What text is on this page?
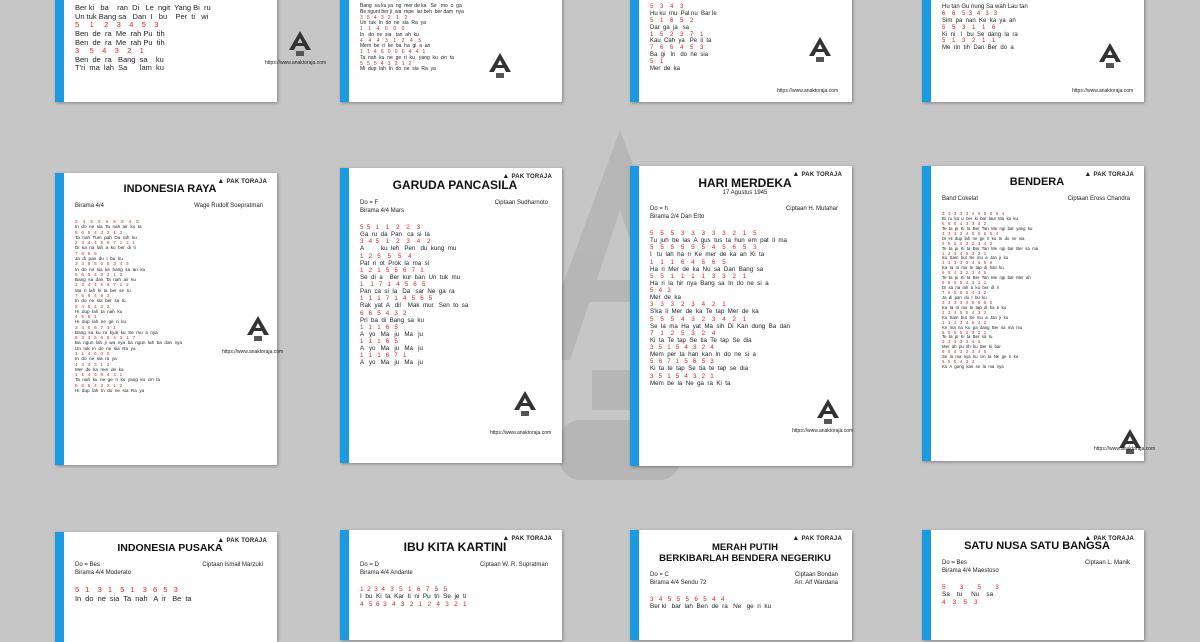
Ber ki   ba    ran  Di   Le  ngit  Yang Bi  ru
Un tuk Bang sa   Dan  I   bu    Per  ti   wi
5     1     2    3    4    5    3
Ben  de  ra  Me  rah Pu  tih
Ben  de  ra  Me  rah Pu  tih
3     5    4    3    2    1
Ben  de  ra   Bang  sa    ku
T'ri  ma  lah  Sa      lam  ku
https://www.anaktoraja.com
Bang  sa ku ya  ng  mer de ka   Se   mo  o  ga
Be rigunt ber ji  wa  mpe  lar beh  ber dam  nya
3   5   4   3   2    1    2
Un  tuk  In  do  ne  sia  Ra  ya
1    1    4    6    0    0
In   do  ne  sia   tan  ah  ku
4    4    4    3    1    2    4    5
Mem  be  ri  ke  ba  ha  gi  a  an
1   1   4   6   0   0   6   4   4   1
Ta  nah  ku  ne  ge  ri  ku   yang  ku  cin  ta
5   5   5   4   3   2   1   2
Mi  dup  lah  In  do  ne  sia  Ra  ya
5    3    4    3
Hu ku  mu  Pal nu  Bar le
5    1    6    5    2
Dar  ga  ja   sa
1    5    2    3    7    1
Kau  Cah  ya   Pe  li  ta
7    6    6    4    5    3
Ba  gi   In   do  ne  sia
5    1
Mer  de  ka
https://www.anaktoraja.com
Hu tan Gu nung Sa wah Lau tan
6    6    5  3   4   3   3
Sim  pa  nan  Ke  ka  ya  an
5    5    3    1    1    6
Ki  ni   I   bu  Se  dang  la  ra
5    1    3    2    1    1
Me  rin  tih  Dan  Ber  do  a
https://www.anaktoraja.com
▲ PAK TORAJA
INDONESIA RAYA
Birama 4/4	Wage Rudolf Soepratman
3    4    5    5    6    5    3    4    5
In  do  ne  sia  Ta  nah  air  ku  ta
5   6   5   4   3   2   1   2
Ta  nah  Tum  pah  Da  rah  ku
2   3   4   4   5   6   7   1   2   1
Di  sa  na  lah  a  ku  ber  di  ri
7   6   6   5
Ja  di  pan  du  I  bu  ku
3   4   5   5   6   5   3   4   5
In  do  ne  sia  ke  bang  sa  an  ku
5   6   5   4   3   2   1   2
Bang  sa  dan  Ta  nah  air  ku
2   3   4   4   5   6   7   1   2
Ma  ri  lah  ki  ta  ber  se  ru
7   6   6   4   5   3
In  do  ne  sia  ber  sa  tu
5   4   5   4   3   2
Hi  dup  lah  ta  nah  ku
4   5   6   1
Hi  dup  lah  ne  ge  ri  ku
3   4   5   6   7   1   1
Bang  sa  ku  ra  kyat  ku  Se  mu  a  nya
5   3   4   5   6   5   4   3   1   7
Ba  ngun  lah  ji  wa  nya  ba  ngun  lah  ba  dan  nya
Un  tuk  In  do  ne  sia  Ra  ya
1   1   4   6   0   0
In  do  ne  sia  ra  ya
4   4   4   3   1   2
Mer  de  ka  mer  de  ka
1   1   4   6   5   4   4   1
Ta  nah  ku  ne  ge  ri  ku  yang  ku  cin  ta
5   5   5   4   3   2   1   2
Hi  dup  lah  In  do  ne  sia  Ra  ya
https://www.anaktoraja.com
▲ PAK TORAJA
GARUDA PANCASILA
Do = F	Ciptaan Sudharnoto
Birama 4/4 Mars
5  5   1    1    2    2    3
Ga  ru  da  Pan   ca  si  la
3   4  5    1    2    3    4    2
A          ku  leh   Pen   du  kung  mu
1   2   5    5    5    4
Pat  ri  ot  Prok  la  ma  si
1   2   1   5   5   6   7   1
Se  di  a    Ber  kur  ban  Un  tuk  mu
1    1   7   1   4   5   6   5
Pan  ca  si  la   Da   sar  Ne  ga  ra
1   1   1   7   1   4   5   6   5
Rak  yat  A   dil    Mak  mur   Sen  to  sa
6   6   5   4   3   2
Pri  ba  di  Bang  sa  ku
1   1   1   6   5
A   yo   Ma   ju   Ma   ju
1   1   1   6   5
A   yo   Ma   ju   Ma   ju
1   1   1   6   7   1
A   yo   Ma   ju   Ma   ju
https://www.anaktoraja.com
▲ PAK TORAJA
HARI MERDEKA
17 Agustus 1945
Do = h	Ciptaan H. Mutahar
Birama 2/4 Dan Erto
5    5    5    3    3    3    3    3    2    1    5
Tu  juh  be  las  A  gus  tus  ta  hun  em  pat  li  ma
5    5    5    5    5    5    4    5    6    5    3
I   tu  lah  ha  ri  Ke  mer  de  ka  an  Ki  ta
1    1    1    6    4    5    6    5
Ha  ri  Mer  de  ka  Nu  sa  Dan  Bang  sa
5    5    1    1    1    1    3    3    2    1
Ha  ri  la  hir  nya  Bang  sa  In  do  ne  si  a
5   4   3
Mer  de  ka
3    3    3    2    3    4    2    1
S'ka  li  Mer  de  ka  Te  tap  Mer  de  ka
5    5    5    4    3    2    3    4    2    1
Se  la  ma  Ha  yat  Ma  sih  Di  Kan  dung  Ba  dan
7    1    2    5    3    2    4
Ki  ta  Te  tap  Se  tia  Te  tap  Se  dia
3   5   1   5   4   3   2   4
Mem  per  ta  han  kan  In  do  ne  si  a
5   6   7   1   5   6   5   3
Ki  ta  te  tap  Se  tia  te  tap  se  dia
3   5   1   5   4   3   2   1
Mem  be  la  Ne  ga  ra  Ki  ta
https://www.anaktoraja.com
▲ PAK TORAJA
BENDERA
Band Cokelat	Ciptaan Eross Chandra
3   3   3   3   3   4   5   5   6   5   4
Bi  ru  ka  u  ber  ki  bar  laut  Ma  ka  ku
5   6   5   4   3   3   4   2
Te  ta  pi  Ki  ta  Ber  Tan  Me  ngi  bar  yang  ku
3   3   3   3   4   5   5   6   5   4
Di  Hi  dup  lah  ne  ge  ri  ku  In  do  ne  sia
5   5   5   4   3   2   3   4   2
Te  ta  pi  Ki  ta  Ber  Tan  Me  ngi  bar  Ber  sa  ma
1   2   3   4   5   3   2   1
Ku  Sam  but  Se  mu  a  Jan  ji  ku
3   3   3   3   3   4   5   5   6
Ka  ta  ni  mu  te  tap  di  hati  ku
6   5   4   3   2   3   4   5
Te  ta  pi  Ki  ta  Ber  Tan  Me  ngi  bar  Mer  ah
5   5   5   5   4   3   2   1
Di  sa  na  lah  a  ku  ber  di  ri
7   6   5   6   5   4   3   2
Ja  di  pan  du  I  bu  ku
3   3   3   3   4   5   5   6   5
Ka  ta  ni  mu  te  tap  di  ha  ti  ku
2   3   4   5   5   4   3   2
Ku  Sam  but  Se  mu  a  Jan  ji  ku
1   1   2   3   4   5   4   3
Ke  ma  na  Ku  pa  dang  Ber  sa  ma  mu
5   5   5   5   4   3   2   1
Te  ta  pi  Ki  ta  Ber  sa  tu
3   3   3   3   3   4   5
Mer  ah  pu  tih  ku  Ber  ki  bar
6   5   4   3   2   3   4   5
Se  la  ma  nya  ku  cin  ta  Ne  ge  ri  ku
5   5   5   4   3   2
Ku  A  gung  kan  se  la  ma  nya
https://www.anaktoraja.com
▲ PAK TORAJA
INDONESIA PUSAKA
Do = Bes	Ciptaan Ismail Marzuki
Birama 4/4 Moderato
5   1    3   1    5   1    3   6   5   3
In  do  ne  sia  Ta  nah   A  ir   Be  ta
▲ PAK TORAJA
IBU KITA KARTINI
Do = D	Ciptaan W. R. Supratman
Birama 4/4 Andante
1  2  3  4   3   5   1   6   7   5   5
I  bu  Ki  ta  Kar  ti  ni  Pu  tri  Se  je  ti
4   5  6  3   4   3   2   1   2   4   3   2   1
▲ PAK TORAJA
MERAH PUTIH
BERKIBARLAH BENDERA NEGERIKU
Do = C	Ciptaan Bondan
Birama 4/4 Sendu 72	Arr. Alf Wardana
3   4   5   5   5   6   5   4   4
Ber ki   bar  lah  Ben  de  ra   Ne   ge  ri  ku
▲ PAK TORAJA
SATU NUSA SATU BANGSA
Do = Bes	Ciptaan L. Manik
Birama 4/4 Maestoso
5        3        5        3
Sa    tu     Nu    sa
4    3    5    3
